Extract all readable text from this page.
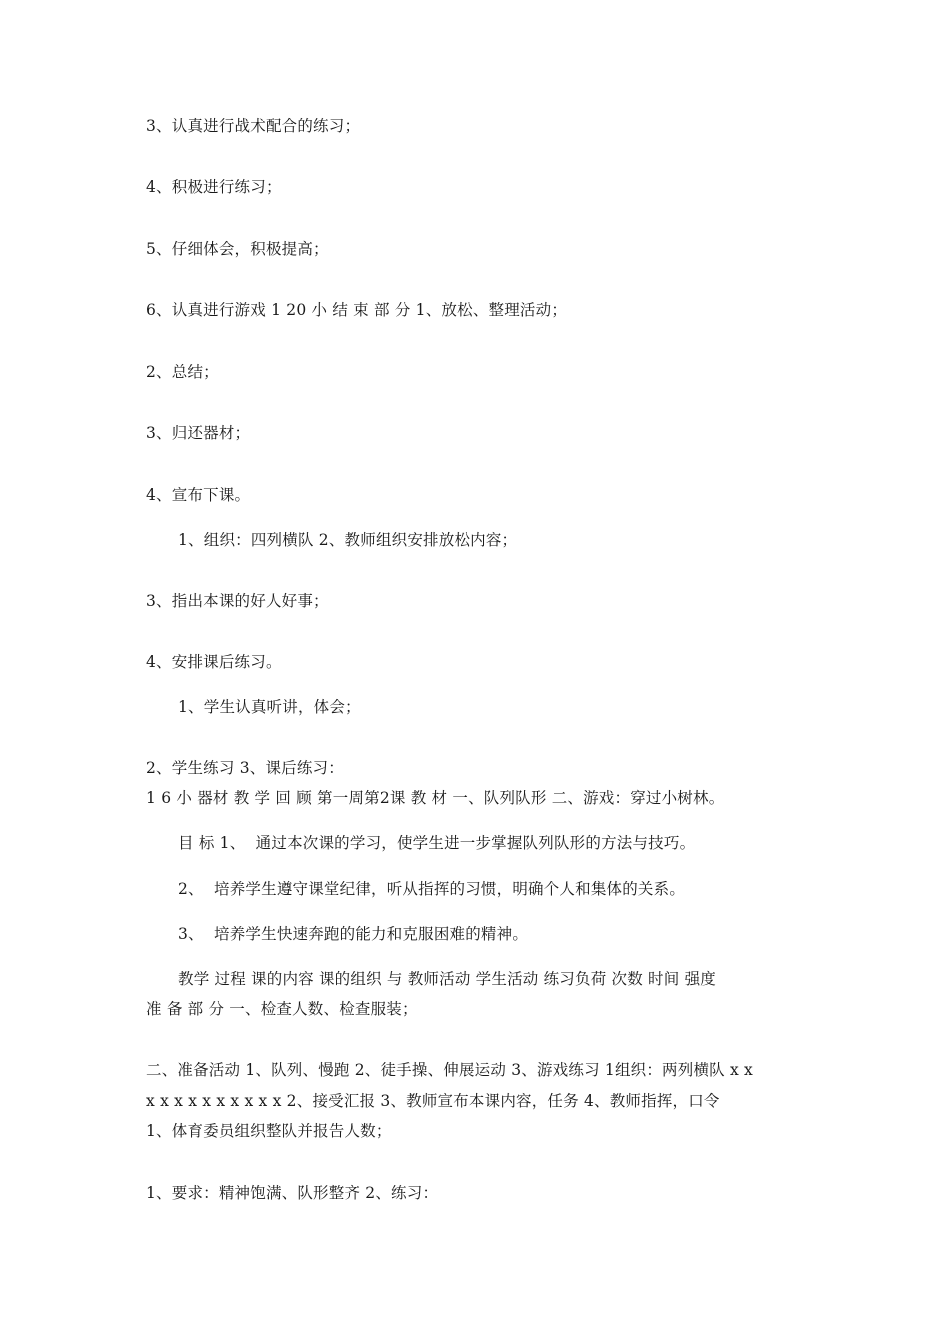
3、认真进行战术配合的练习；
4、积极进行练习；
5、仔细体会，积极提高；
6、认真进行游戏 1 20 小 结 束 部 分 1、放松、整理活动；
2、总结；
3、归还器材；
4、宣布下课。
1、组织：四列横队 2、教师组织安排放松内容；
3、指出本课的好人好事；
4、安排课后练习。
1、学生认真听讲，体会；
2、学生练习 3、课后练习：
1 6 小 器材 教 学 回 顾 第一周第2课 教 材 一、队列队形 二、游戏：穿过小树林。
目 标 1、  通过本次课的学习，使学生进一步掌握队列队形的方法与技巧。
2、  培养学生遵守课堂纪律，听从指挥的习惯，明确个人和集体的关系。
3、  培养学生快速奔跑的能力和克服困难的精神。
教学 过程 课的内容 课的组织 与 教师活动 学生活动 练习负荷 次数 时间 强度
准 备 部 分 一、检查人数、检查服装；
二、准备活动 1、队列、慢跑 2、徒手操、伸展运动 3、游戏练习 1组织：两列横队 x x
x x x x x x x x x x 2、接受汇报 3、教师宣布本课内容，任务 4、教师指挥，口令
1、体育委员组织整队并报告人数；
1、要求：精神饱满、队形整齐 2、练习：
